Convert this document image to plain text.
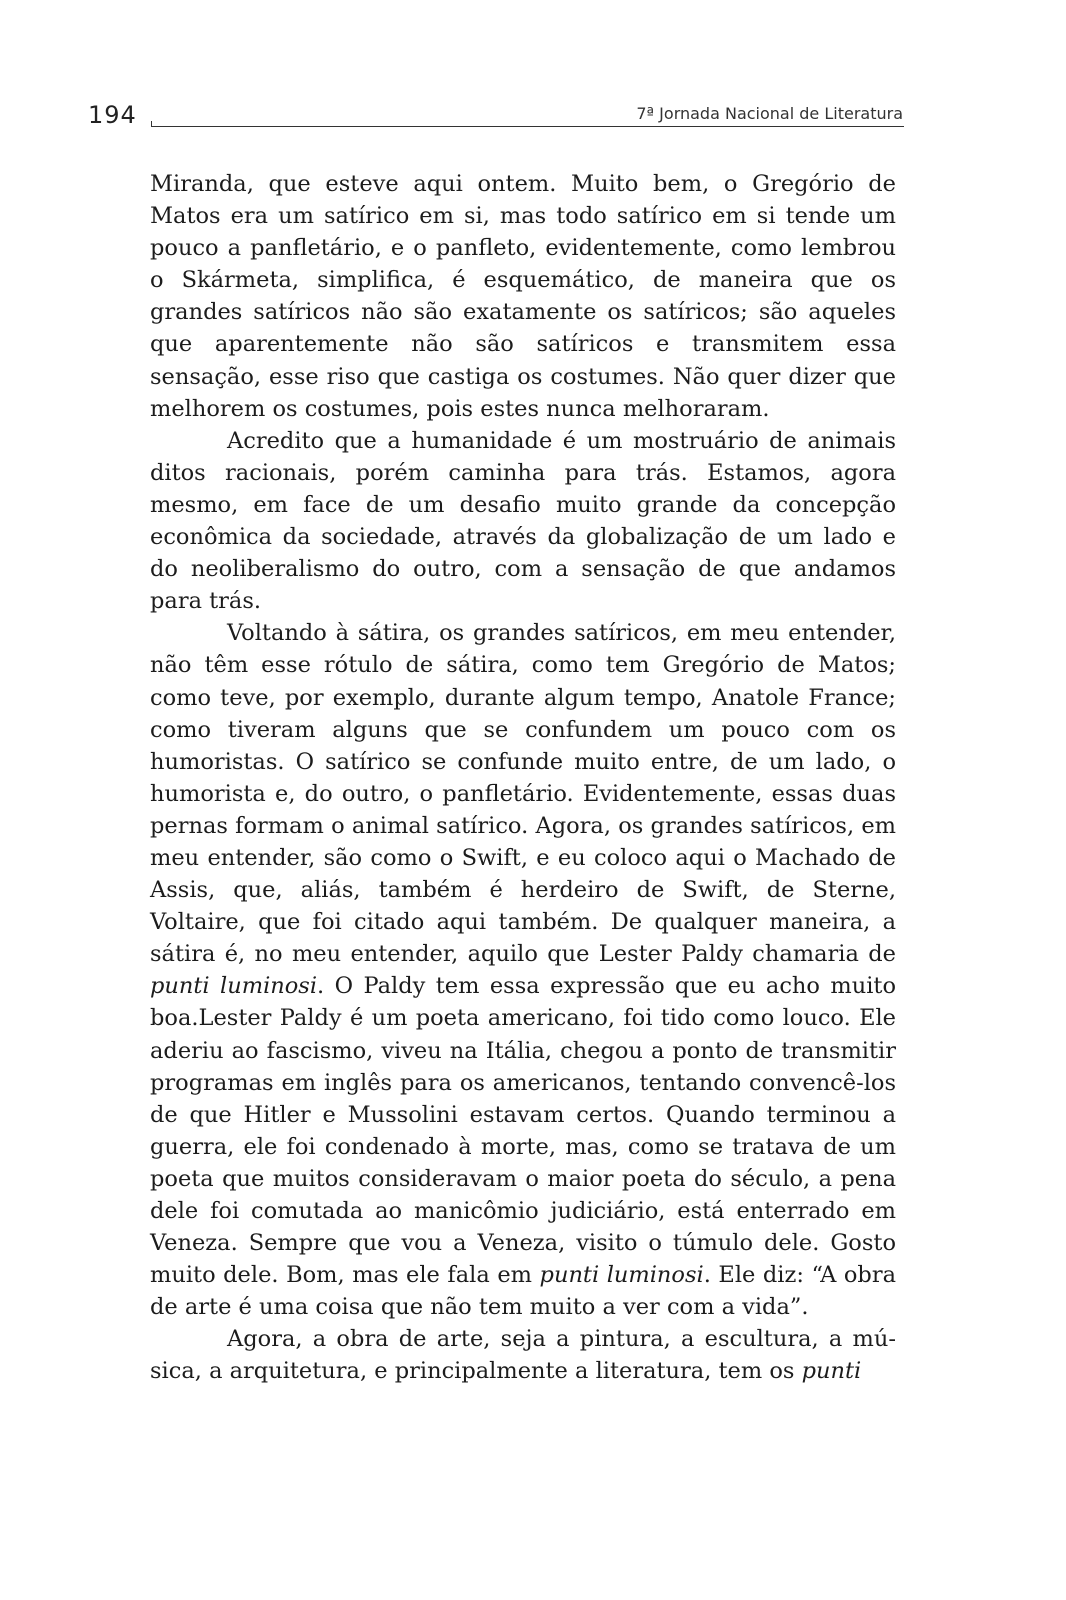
194	7ª Jornada Nacional de Literatura

Miranda, que esteve aqui ontem. Muito bem, o Gregório de Matos era um satírico em si, mas todo satírico em si tende um pouco a panfletário, e o panfleto, evidentemente, como lembrou o Skármeta, simplifica, é esquemático, de maneira que os grandes satíricos não são exatamente os satíricos; são aqueles que aparentemente não são satíricos e transmitem essa sensação, esse riso que castiga os costumes. Não quer dizer que melhorem os costumes, pois estes nunca melhoraram.

Acredito que a humanidade é um mostruário de animais ditos racionais, porém caminha para trás. Estamos, agora mesmo, em face de um desafio muito grande da concepção econômica da sociedade, através da globalização de um lado e do neoliberalismo do outro, com a sensação de que andamos para trás.

Voltando à sátira, os grandes satíricos, em meu entender, não têm esse rótulo de sátira, como tem Gregório de Matos; como teve, por exemplo, durante algum tempo, Anatole France; como tiveram alguns que se confundem um pouco com os humoristas. O satírico se confunde muito entre, de um lado, o humorista e, do outro, o panfletário. Evidentemente, essas duas pernas formam o animal satírico. Agora, os grandes satíricos, em meu entender, são como o Swift, e eu coloco aqui o Machado de Assis, que, aliás, também é herdeiro de Swift, de Sterne, Voltaire, que foi citado aqui também. De qualquer maneira, a sátira é, no meu entender, aquilo que Lester Paldy chamaria de punti luminosi. O Paldy tem essa expressão que eu acho muito boa.Lester Paldy é um poeta americano, foi tido como louco. Ele aderiu ao fascismo, viveu na Itália, chegou a ponto de transmitir programas em inglês para os americanos, tentando convencê-los de que Hitler e Mussolini estavam certos. Quando terminou a guerra, ele foi condenado à morte, mas, como se tratava de um poeta que muitos consideravam o maior poeta do século, a pena dele foi comutada ao manicômio judiciário, está enterrado em Veneza. Sempre que vou a Veneza, visito o túmulo dele. Gosto muito dele. Bom, mas ele fala em punti luminosi. Ele diz: “A obra de arte é uma coisa que não tem muito a ver com a vida”.

Agora, a obra de arte, seja a pintura, a escultura, a música, a arquitetura, e principalmente a literatura, tem os punti
